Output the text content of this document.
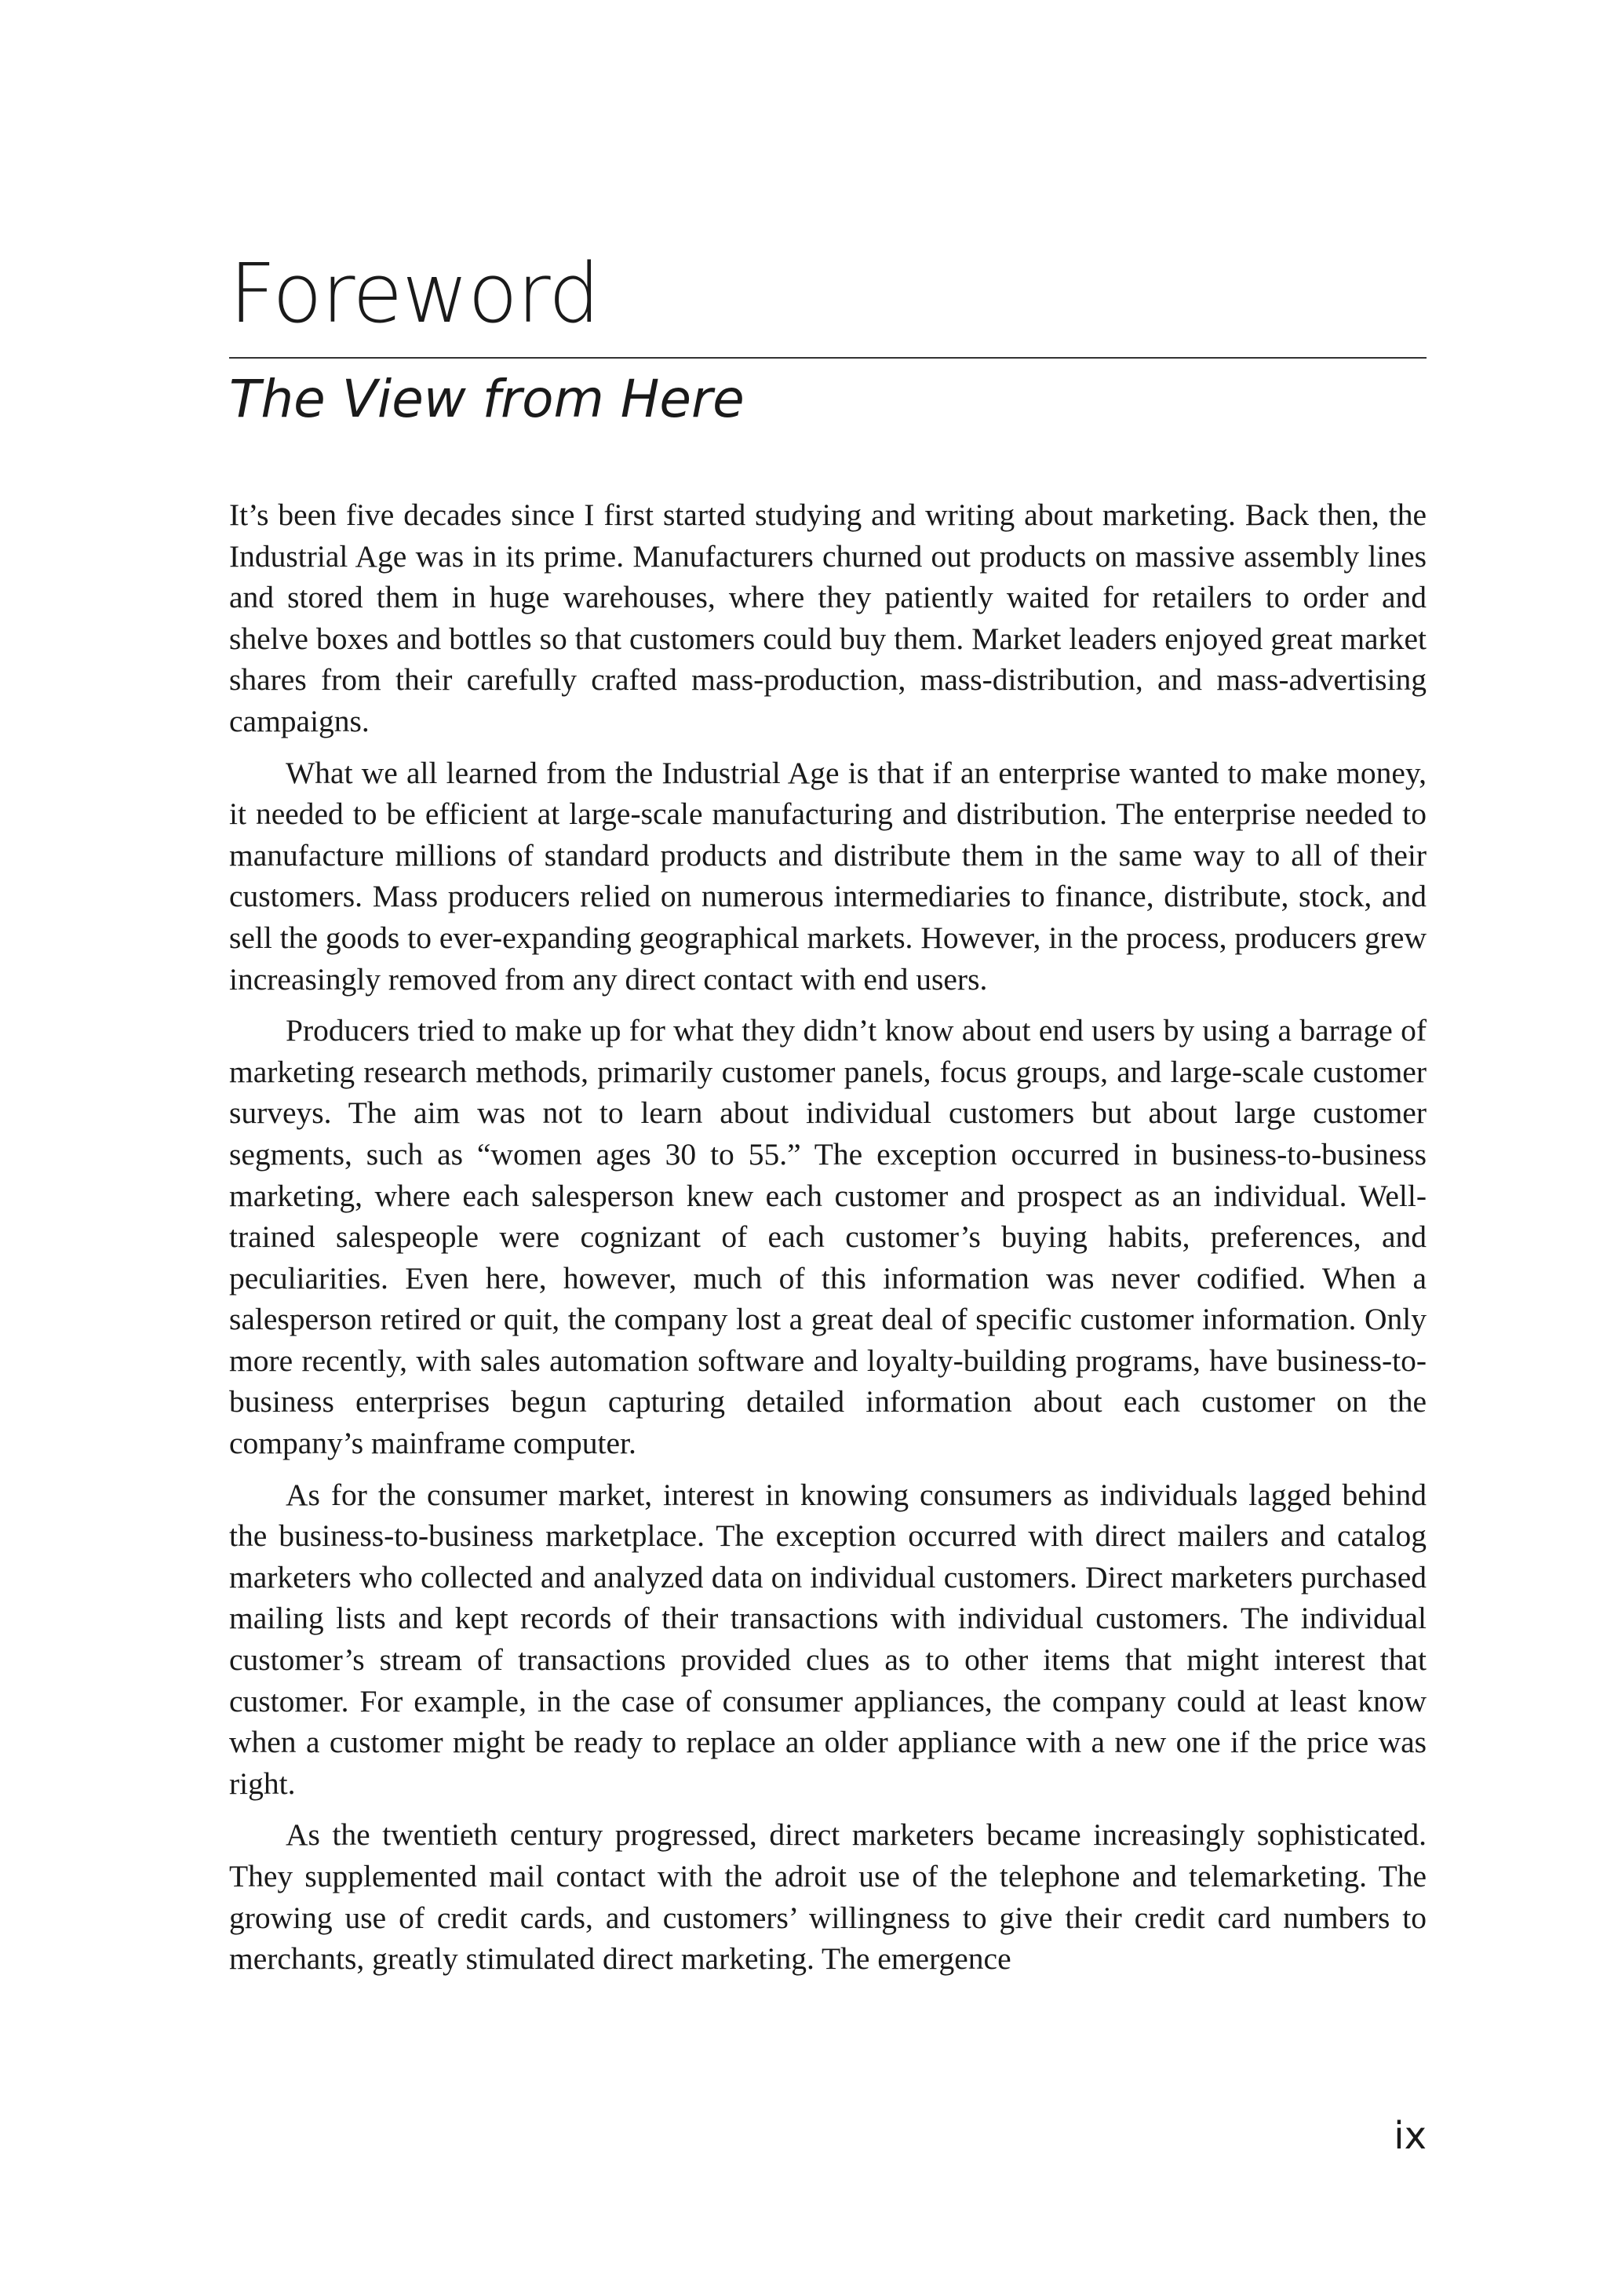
Foreword
The View from Here

It’s been five decades since I first started studying and writing about marketing. Back then, the Industrial Age was in its prime. Manufacturers churned out products on massive assembly lines and stored them in huge warehouses, where they patiently waited for retailers to order and shelve boxes and bottles so that customers could buy them. Market leaders enjoyed great market shares from their carefully crafted mass-production, mass-distribution, and mass-advertising campaigns.

What we all learned from the Industrial Age is that if an enterprise wanted to make money, it needed to be efficient at large-scale manufacturing and distribution. The enterprise needed to manufacture millions of standard products and distribute them in the same way to all of their customers. Mass producers relied on numerous intermediaries to finance, distribute, stock, and sell the goods to ever-expanding geographical markets. However, in the process, producers grew increasingly removed from any direct contact with end users.

Producers tried to make up for what they didn’t know about end users by using a barrage of marketing research methods, primarily customer panels, focus groups, and large-scale customer surveys. The aim was not to learn about individual customers but about large customer segments, such as “women ages 30 to 55.” The exception occurred in business-to-business marketing, where each salesperson knew each customer and prospect as an individual. Well-trained salespeople were cognizant of each customer’s buying habits, preferences, and peculiarities. Even here, however, much of this information was never codified. When a salesperson retired or quit, the company lost a great deal of specific customer information. Only more recently, with sales automation software and loyalty-building programs, have business-to-business enterprises begun capturing detailed information about each customer on the company’s mainframe computer.

As for the consumer market, interest in knowing consumers as individuals lagged behind the business-to-business marketplace. The exception occurred with direct mailers and catalog marketers who collected and analyzed data on individual customers. Direct marketers purchased mailing lists and kept records of their transactions with individual customers. The individual customer’s stream of transactions provided clues as to other items that might interest that customer. For example, in the case of consumer appliances, the company could at least know when a customer might be ready to replace an older appliance with a new one if the price was right.

As the twentieth century progressed, direct marketers became increasingly sophisticated. They supplemented mail contact with the adroit use of the telephone and telemarketing. The growing use of credit cards, and customers’ willingness to give their credit card numbers to merchants, greatly stimulated direct marketing. The emergence

ix
